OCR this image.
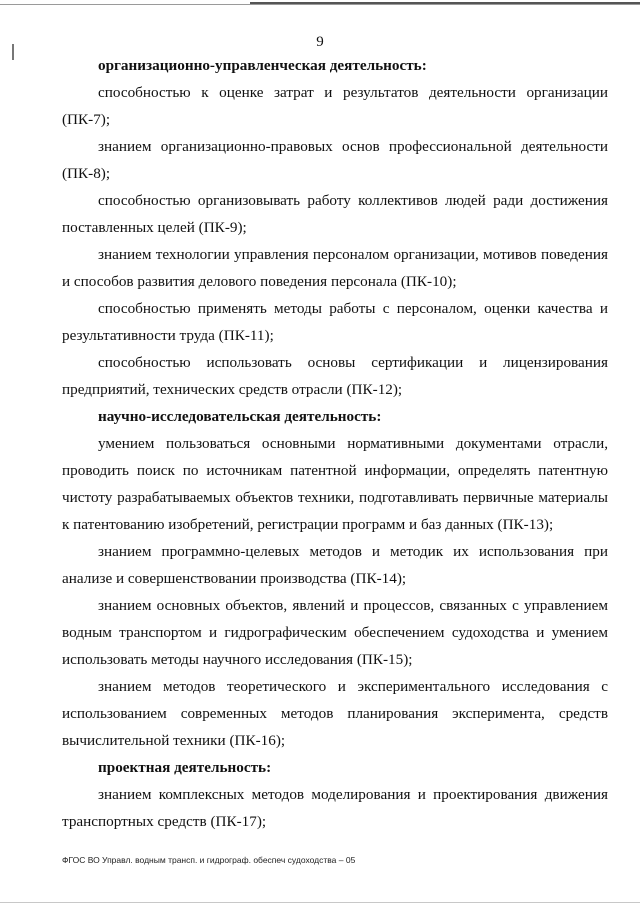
9

организационно-управленческая деятельность:

способностью к оценке затрат и результатов деятельности организации (ПК-7);

знанием организационно-правовых основ профессиональной деятельности (ПК-8);

способностью организовывать работу коллективов людей ради достижения поставленных целей (ПК-9);

знанием технологии управления персоналом организации, мотивов поведения и способов развития делового поведения персонала (ПК-10);

способностью применять методы работы с персоналом, оценки качества и результативности труда (ПК-11);

способностью использовать основы сертификации и лицензирования предприятий, технических средств отрасли (ПК-12);

научно-исследовательская деятельность:

умением пользоваться основными нормативными документами отрасли, проводить поиск по источникам патентной информации, определять патентную чистоту разрабатываемых объектов техники, подготавливать первичные материалы к патентованию изобретений, регистрации программ и баз данных (ПК-13);

знанием программно-целевых методов и методик их использования при анализе и совершенствовании производства (ПК-14);

знанием основных объектов, явлений и процессов, связанных с управлением водным транспортом и гидрографическим обеспечением судоходства и умением использовать методы научного исследования (ПК-15);

знанием методов теоретического и экспериментального исследования с использованием современных методов планирования эксперимента, средств вычислительной техники (ПК-16);

проектная деятельность:

знанием комплексных методов моделирования и проектирования движения транспортных средств (ПК-17);

ФГОС ВО Управл. водным трансп. и гидрограф. обеспеч судоходства – 05
